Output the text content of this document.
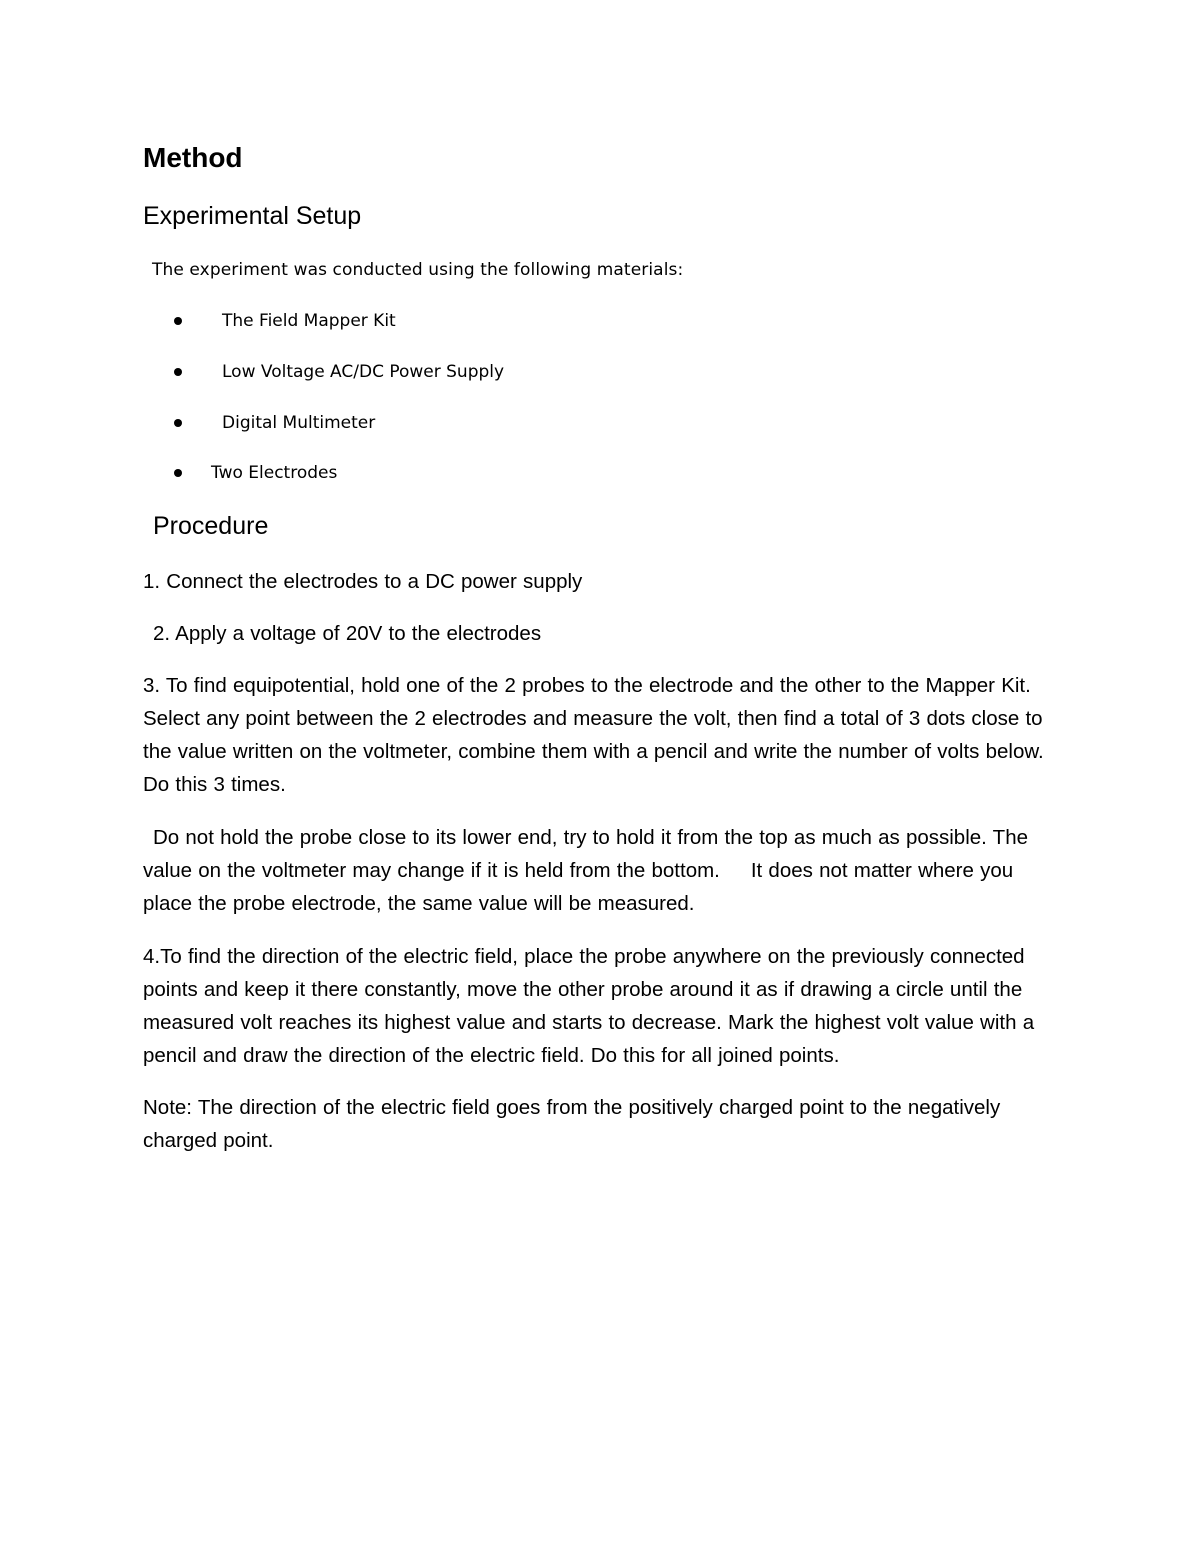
Method
Experimental Setup

The experiment was conducted using the following materials:

The Field Mapper Kit
Low Voltage AC/DC Power Supply
Digital Multimeter
Two Electrodes
Procedure

1. Connect the electrodes to a DC power supply

2. Apply a voltage of 20V to the electrodes

3. To find equipotential, hold one of the 2 probes to the electrode and the other to the Mapper Kit. Select any point between the 2 electrodes and measure the volt, then find a total of 3 dots close to the value written on the voltmeter, combine them with a pencil and write the number of volts below. Do this 3 times.

Do not hold the probe close to its lower end, try to hold it from the top as much as possible. The value on the voltmeter may change if it is held from the bottom.     It does not matter where you place the probe electrode, the same value will be measured.

4.To find the direction of the electric field, place the probe anywhere on the previously connected points and keep it there constantly, move the other probe around it as if drawing a circle until the measured volt reaches its highest value and starts to decrease. Mark the highest volt value with a pencil and draw the direction of the electric field. Do this for all joined points.

Note: The direction of the electric field goes from the positively charged point to the negatively charged point.
